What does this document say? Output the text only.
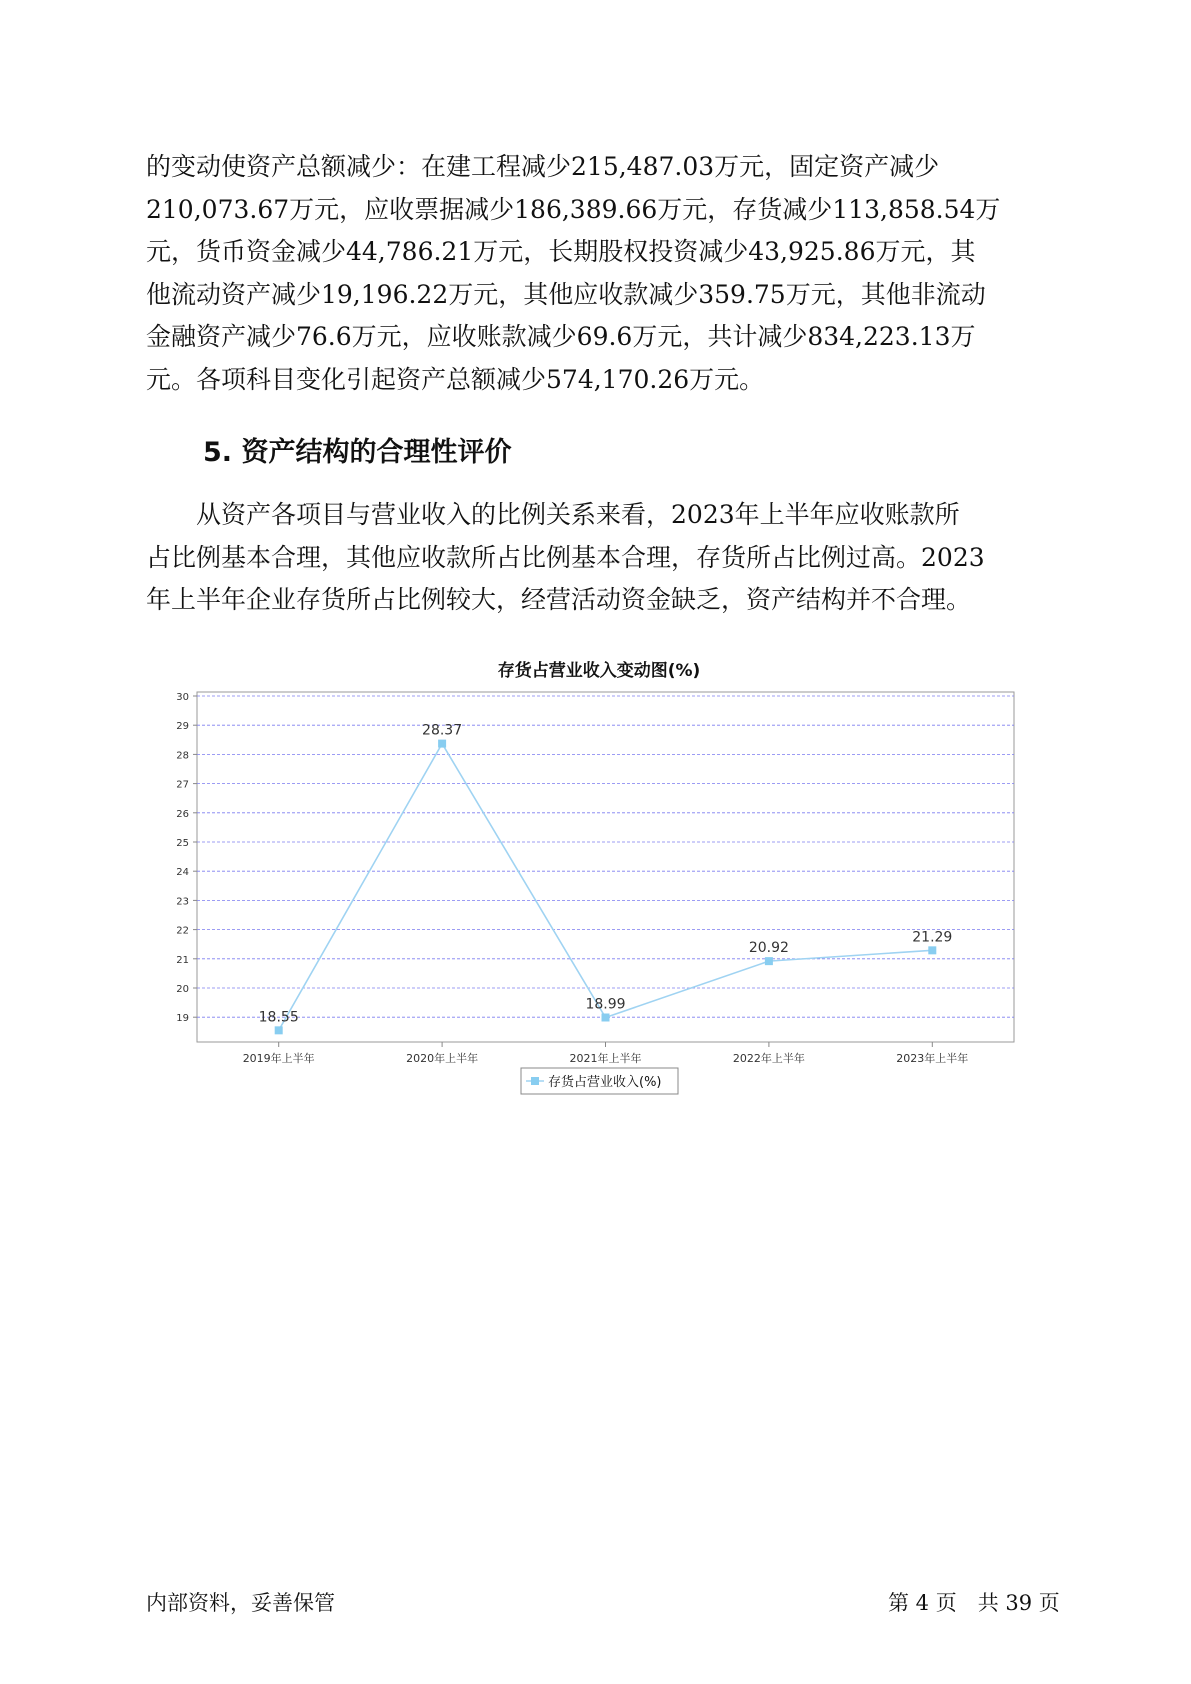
的变动使资产总额减少：在建工程减少215,487.03万元，固定资产减少
210,073.67万元，应收票据减少186,389.66万元，存货减少113,858.54万
元，货币资金减少44,786.21万元，长期股权投资减少43,925.86万元，其
他流动资产减少19,196.22万元，其他应收款减少359.75万元，其他非流动
金融资产减少76.6万元，应收账款减少69.6万元，共计减少834,223.13万
元。各项科目变化引起资产总额减少574,170.26万元。
5. 资产结构的合理性评价
从资产各项目与营业收入的比例关系来看，2023年上半年应收账款所
占比例基本合理，其他应收款所占比例基本合理，存货所占比例过高。2023
年上半年企业存货所占比例较大，经营活动资金缺乏，资产结构并不合理。
存货占营业收入变动图(%)
19
20
21
22
23
24
25
26
27
28
29
30
2019年上半年	2020年上半年	2021年上半年	2022年上半年	2023年上半年
18.55
28.37
18.99
20.92
21.29
存货占营业收入(%)
内部资料，妥善保管	第 4 页　共 39 页
